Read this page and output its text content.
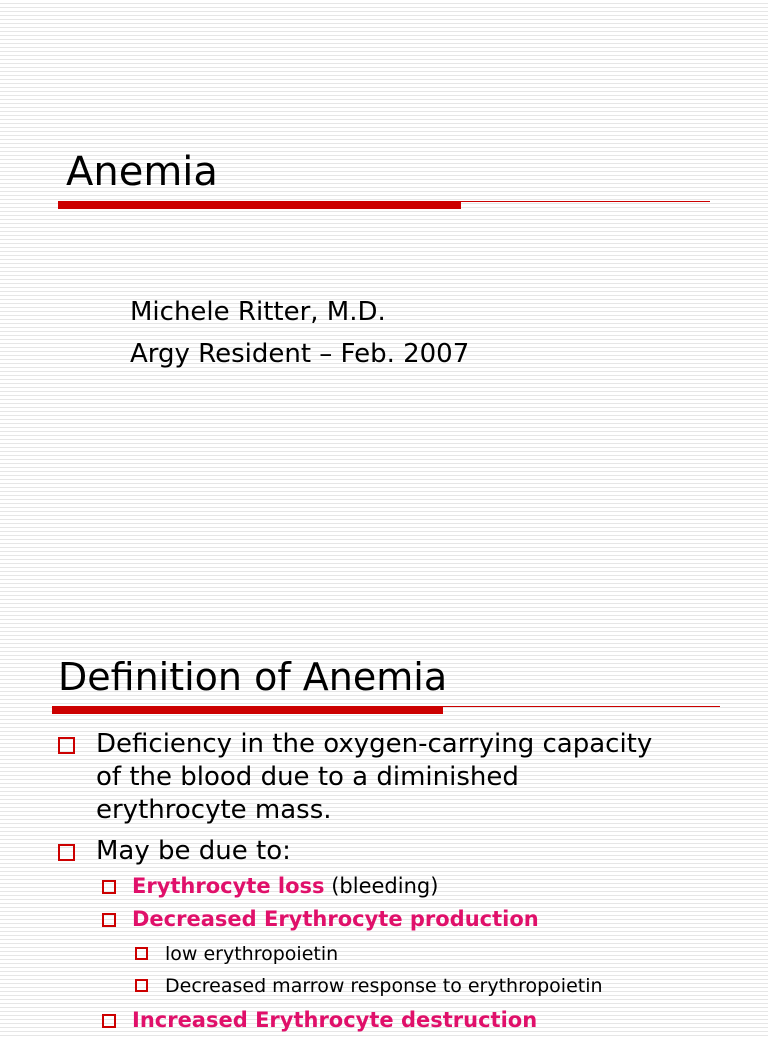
Anemia
Michele Ritter, M.D.
Argy Resident – Feb. 2007
Definition of Anemia
Deficiency in the oxygen-carrying capacity
of the blood due to a diminished
erythrocyte mass.
May be due to:
Erythrocyte loss (bleeding)
Decreased Erythrocyte production
low erythropoietin
Decreased marrow response to erythropoietin
Increased Erythrocyte destruction
